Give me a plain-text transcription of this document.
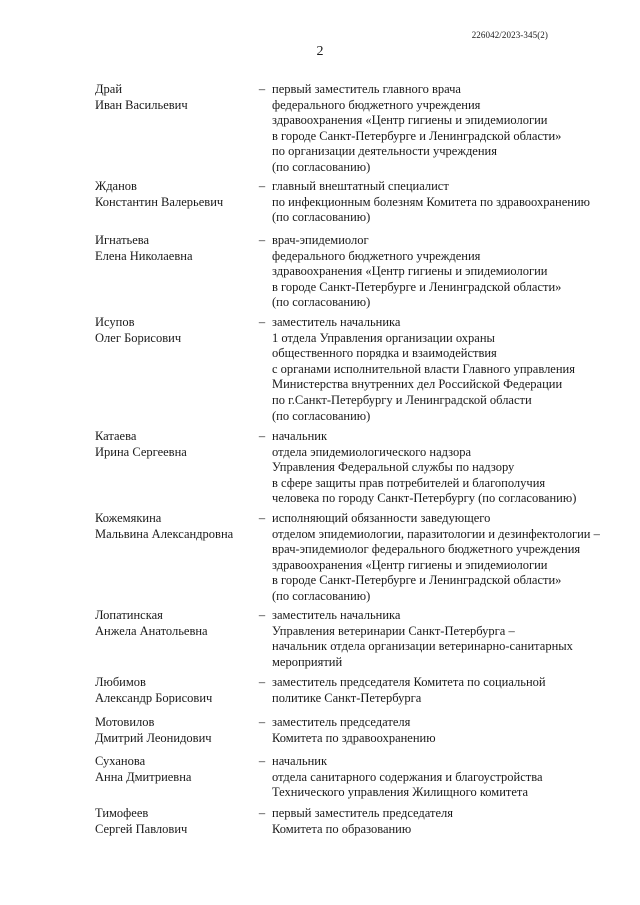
226042/2023-345(2)
2
Драй
Иван Васильевич
– первый заместитель главного врача
федерального бюджетного учреждения
здравоохранения «Центр гигиены и эпидемиологии
в городе Санкт-Петербурге и Ленинградской области»
по организации деятельности учреждения
(по согласованию)
Жданов
Константин Валерьевич
– главный внештатный специалист
по инфекционным болезням Комитета по здравоохранению
(по согласованию)
Игнатьева
Елена Николаевна
– врач-эпидемиолог
федерального бюджетного учреждения
здравоохранения «Центр гигиены и эпидемиологии
в городе Санкт-Петербурге и Ленинградской области»
(по согласованию)
Исупов
Олег Борисович
– заместитель начальника
1 отдела Управления организации охраны
общественного порядка и взаимодействия
с органами исполнительной власти Главного управления
Министерства внутренних дел Российской Федерации
по г.Санкт-Петербургу и Ленинградской области
(по согласованию)
Катаева
Ирина Сергеевна
– начальник
отдела эпидемиологического надзора
Управления Федеральной службы по надзору
в сфере защиты прав потребителей и благополучия
человека по городу Санкт-Петербургу (по согласованию)
Кожемякина
Мальвина Александровна
– исполняющий обязанности заведующего
отделом эпидемиологии, паразитологии и дезинфектологии –
врач-эпидемиолог федерального бюджетного учреждения
здравоохранения «Центр гигиены и эпидемиологии
в городе Санкт-Петербурге и Ленинградской области»
(по согласованию)
Лопатинская
Анжела Анатольевна
– заместитель начальника
Управления ветеринарии Санкт-Петербурга –
начальник отдела организации ветеринарно-санитарных
мероприятий
Любимов
Александр Борисович
– заместитель председателя Комитета по социальной
политике Санкт-Петербурга
Мотовилов
Дмитрий Леонидович
– заместитель председателя
Комитета по здравоохранению
Суханова
Анна Дмитриевна
– начальник
отдела санитарного содержания и благоустройства
Технического управления Жилищного комитета
Тимофеев
Сергей Павлович
– первый заместитель председателя
Комитета по образованию
